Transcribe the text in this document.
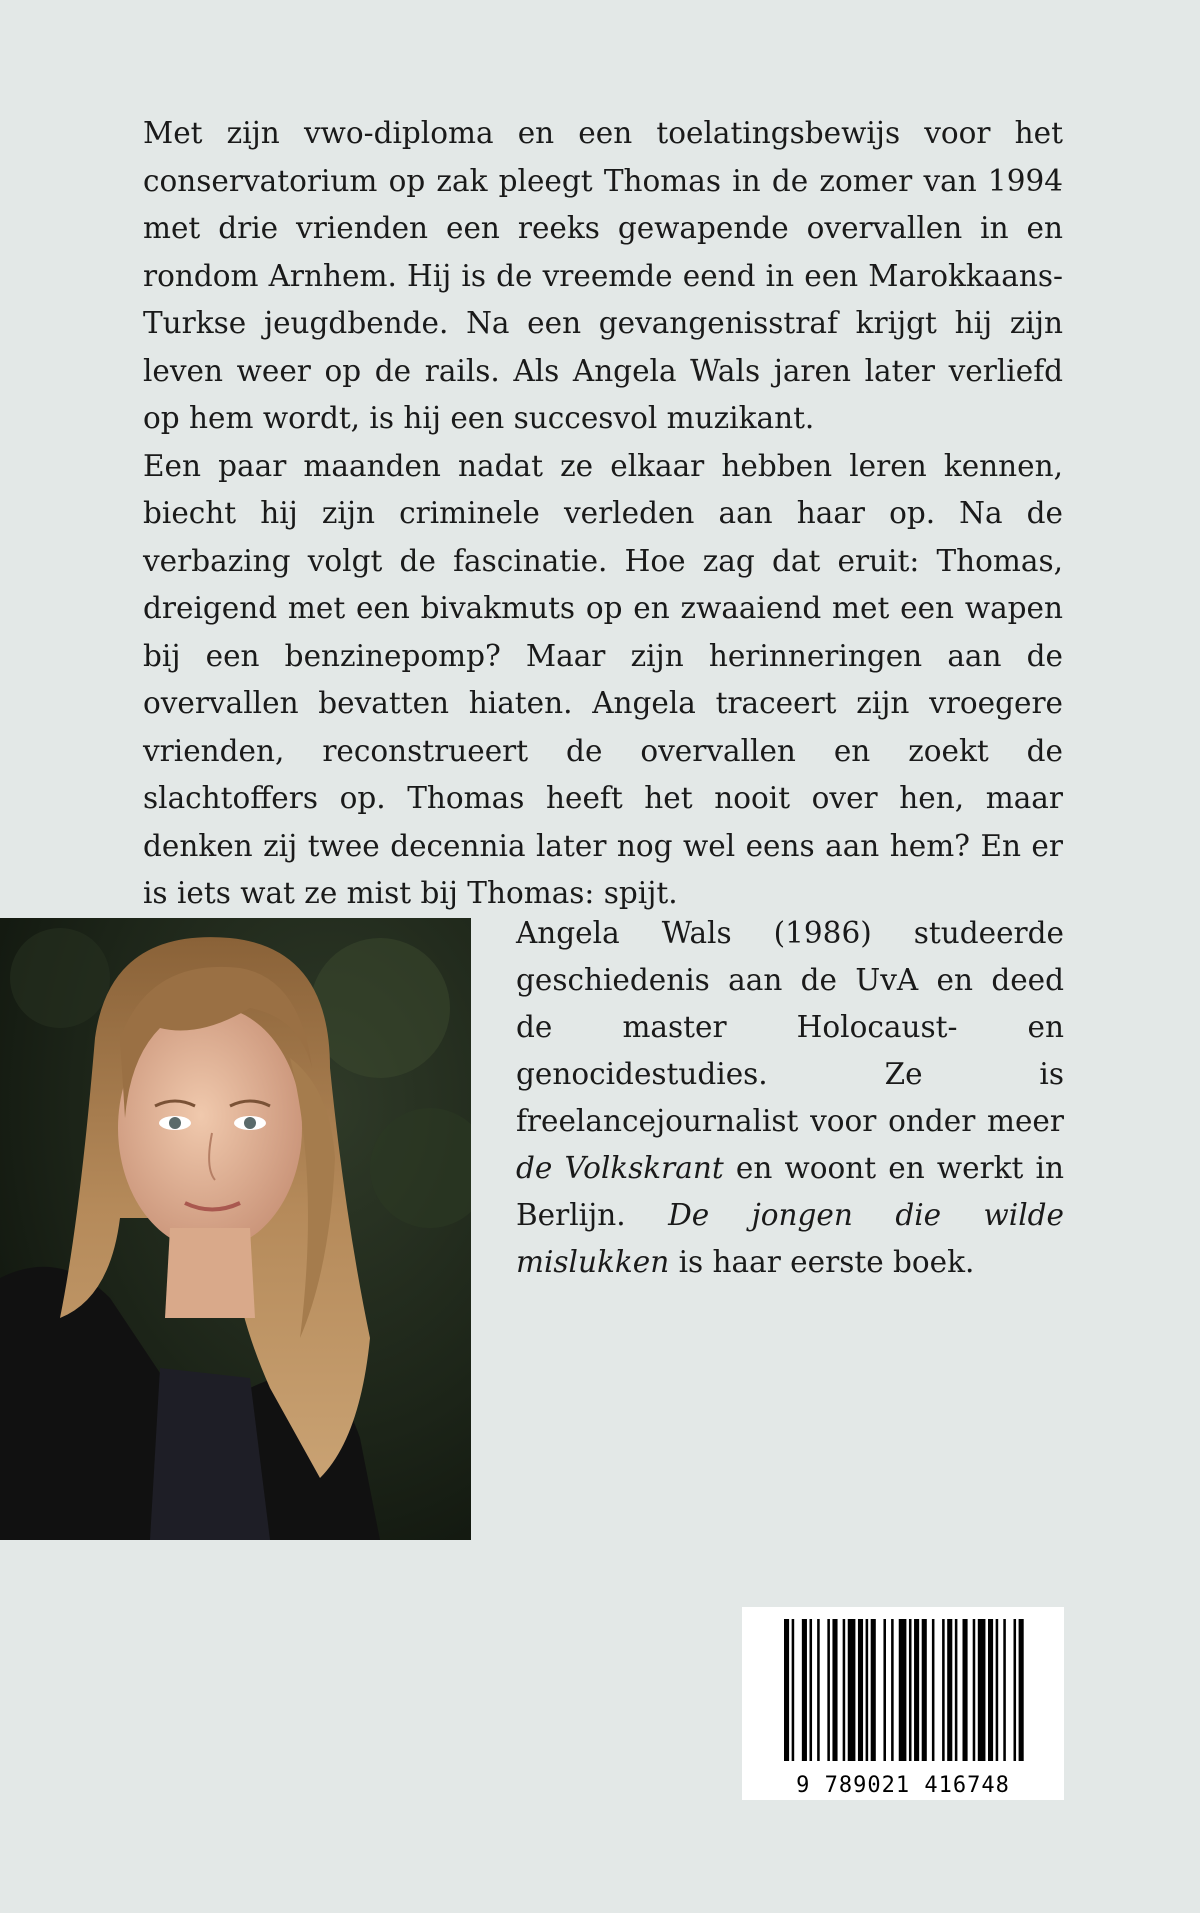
Met zijn vwo-diploma en een toelatingsbewijs voor het conservatorium op zak pleegt Thomas in de zomer van 1994 met drie vrienden een reeks gewapende overvallen in en rondom Arnhem. Hij is de vreemde eend in een Marokkaans-Turkse jeugdbende. Na een gevangenisstraf krijgt hij zijn leven weer op de rails. Als Angela Wals jaren later verliefd op hem wordt, is hij een succesvol muzikant.

Een paar maanden nadat ze elkaar hebben leren kennen, biecht hij zijn criminele verleden aan haar op. Na de verbazing volgt de fascinatie. Hoe zag dat eruit: Thomas, dreigend met een bivakmuts op en zwaaiend met een wapen bij een benzinepomp? Maar zijn herinneringen aan de overvallen bevatten hiaten. Angela traceert zijn vroegere vrienden, reconstrueert de overvallen en zoekt de slachtoffers op. Thomas heeft het nooit over hen, maar denken zij twee decennia later nog wel eens aan hem? En er is iets wat ze mist bij Thomas: spijt.

Angela Wals (1986) studeerde geschiedenis aan de UvA en deed de master Holocaust- en genocidestudies. Ze is freelancejournalist voor onder meer de Volkskrant en woont en werkt in Berlijn. De jongen die wilde mislukken is haar eerste boek.

9 789021 416748
